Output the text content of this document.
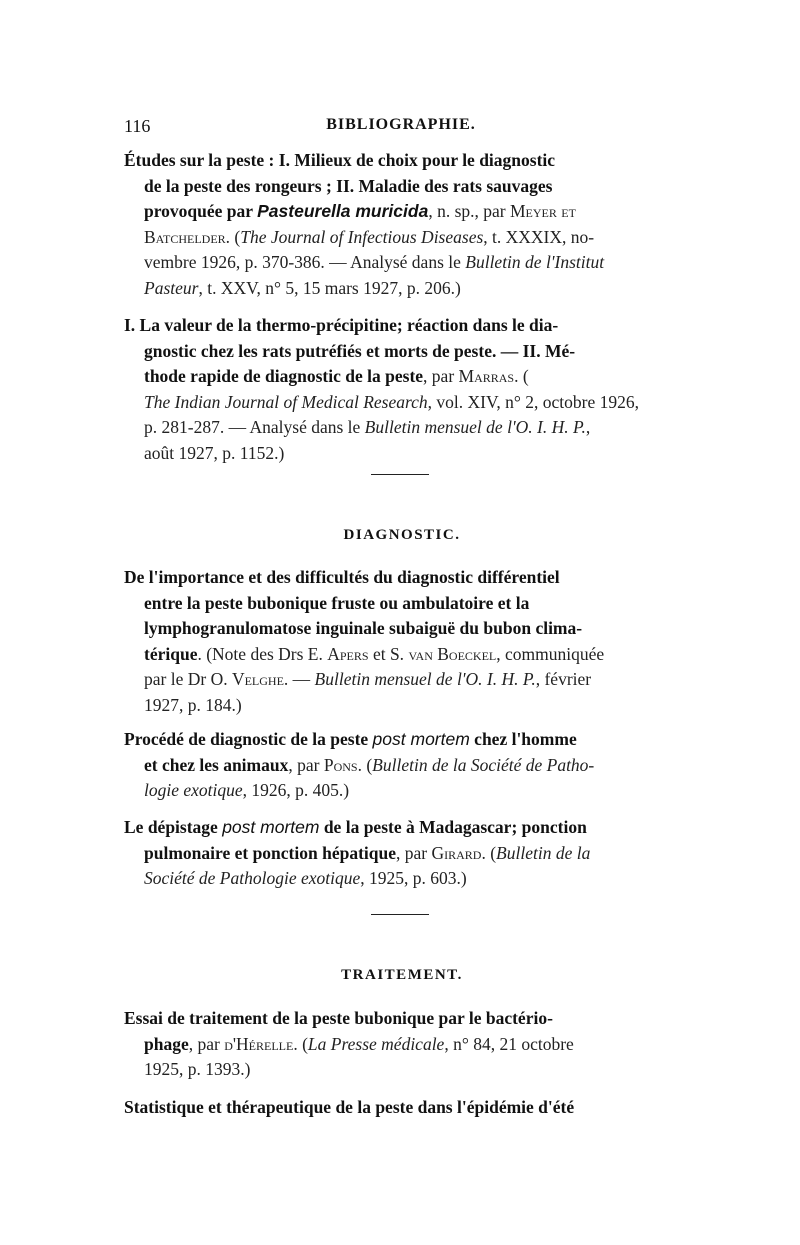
116	BIBLIOGRAPHIE.
Études sur la peste : I. Milieux de choix pour le diagnostic
de la peste des rongeurs ; II. Maladie des rats sauvages
provoquée par Pasteurella muricida, n. sp., par Meyer et
Batchelder. (The Journal of Infectious Diseases, t. XXXIX, no-
vembre 1926, p. 370-386. — Analysé dans le Bulletin de l'Institut
Pasteur, t. XXV, n° 5, 15 mars 1927, p. 206.)
I. La valeur de la thermo-précipitine; réaction dans le dia-
gnostic chez les rats putréfiés et morts de peste. — II. Mé-
thode rapide de diagnostic de la peste, par Marras. (
The Indian Journal of Medical Research, vol. XIV, n° 2, octobre 1926,
p. 281-287. — Analysé dans le Bulletin mensuel de l'O. I. H. P.,
août 1927, p. 1152.)
DIAGNOSTIC.
De l'importance et des difficultés du diagnostic différentiel
entre la peste bubonique fruste ou ambulatoire et la
lymphogranulomatose inguinale subaiguë du bubon clima-
térique. (Note des Drs E. Apers et S. van Boeckel, communiquée
par le Dr O. Velghe. — Bulletin mensuel de l'O. I. H. P., février
1927, p. 184.)
Procédé de diagnostic de la peste post mortem chez l'homme
et chez les animaux, par Pons. (Bulletin de la Société de Patho-
logie exotique, 1926, p. 405.)
Le dépistage post mortem de la peste à Madagascar; ponction
pulmonaire et ponction hépatique, par Girard. (Bulletin de la
Société de Pathologie exotique, 1925, p. 603.)
TRAITEMENT.
Essai de traitement de la peste bubonique par le bactério-
phage, par d'Hérelle. (La Presse médicale, n° 84, 21 octobre
1925, p. 1393.)
Statistique et thérapeutique de la peste dans l'épidémie d'été
